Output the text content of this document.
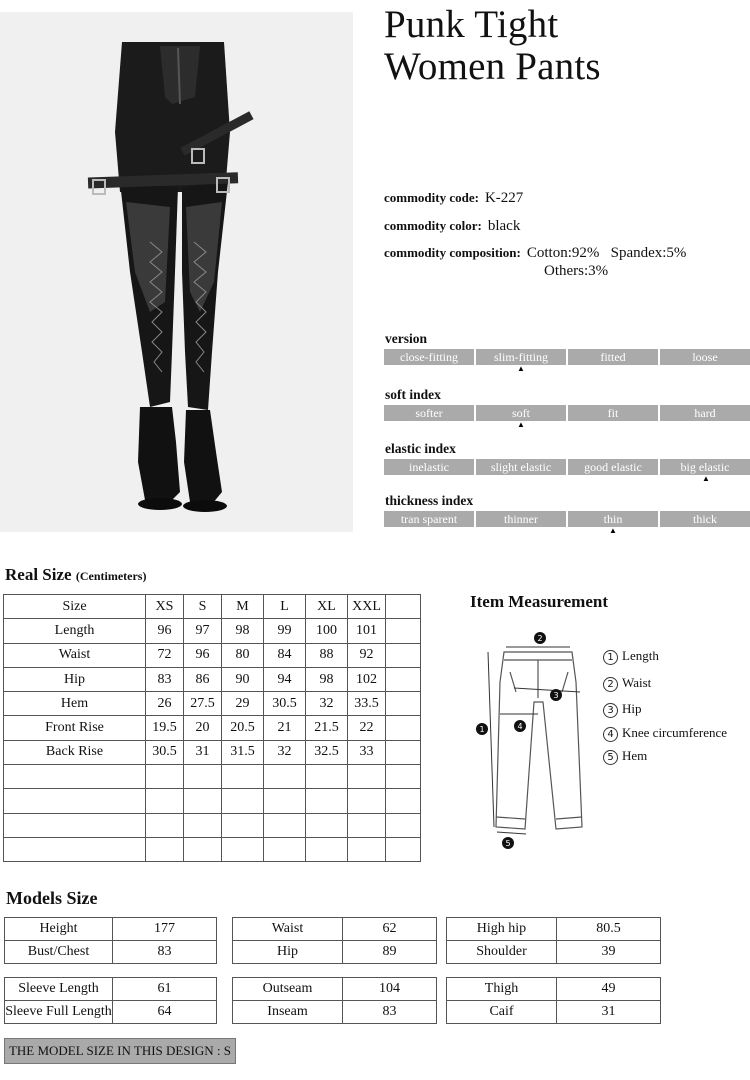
Punk Tight
Women Pants
commodity code: K-227
commodity color: black
commodity composition: Cotton:92%   Spandex:5%
Others:3%
version
close-fitting	slim-fitting	fitted	loose
▲
soft index
softer	soft	fit	hard
▲
elastic index
inelastic	slight elastic	good elastic	big elastic
▲
thickness index
tran sparent	thinner	thin	thick
▲
Real Size (Centimeters)
Size	XS	S	M	L	XL	XXL	
Length	96	97	98	99	100	101	
Waist	72	96	80	84	88	92	
Hip	83	86	90	94	98	102	
Hem	26	27.5	29	30.5	32	33.5	
Front Rise	19.5	20	20.5	21	21.5	22	
Back Rise	30.5	31	31.5	32	32.5	33	

Item Measurement
2
1
3
4
5
1 Length
2 Waist
3 Hip
4 Knee circumference
5 Hem
Models Size
Height	177		Waist	62		High hip	80.5
Bust/Chest	83		Hip	89		Shoulder	39
Sleeve Length	61		Outseam	104		Thigh	49
Sleeve Full Length	64		Inseam	83		Caif	31
THE MODEL SIZE IN THIS DESIGN : S
